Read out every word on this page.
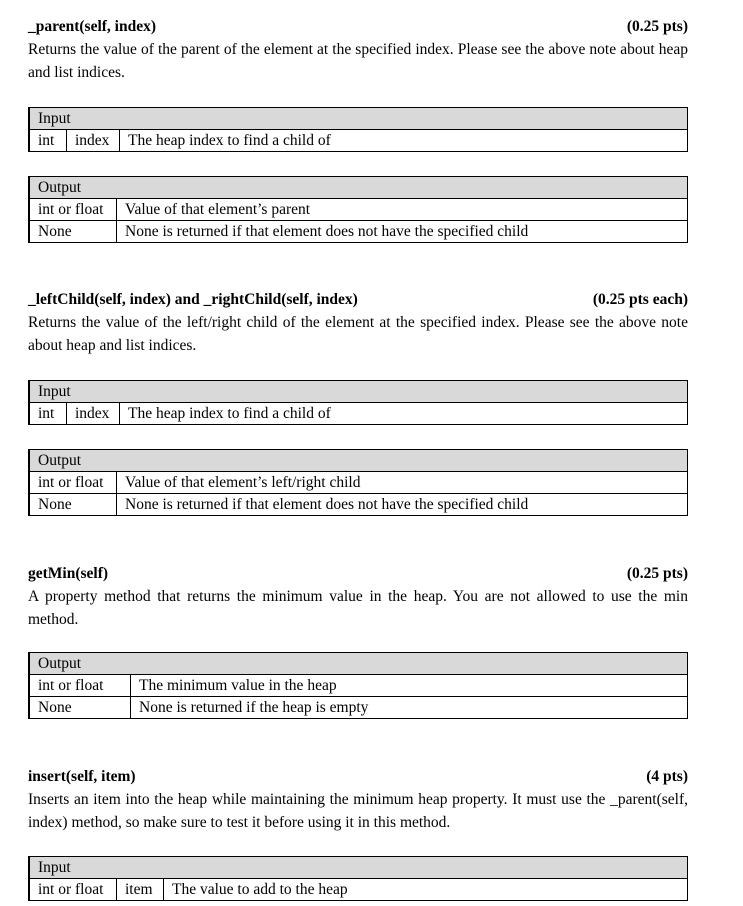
_parent(self, index)	(0.25 pts)

Returns the value of the parent of the element at the specified index. Please see the above note about heap and list indices.

Input
int	index	The heap index to find a child of
Output	
int or float	Value of that element’s parent
None	None is returned if that element does not have the specified child
_leftChild(self, index) and _rightChild(self, index)	(0.25 pts each)

Returns the value of the left/right child of the element at the specified index. Please see the above note about heap and list indices.

Input
int	index	The heap index to find a child of
Output	
int or float	Value of that element’s left/right child
None	None is returned if that element does not have the specified child
getMin(self)	(0.25 pts)

A property method that returns the minimum value in the heap. You are not allowed to use the min method.

Output	
int or float	The minimum value in the heap
None	None is returned if the heap is empty
insert(self, item)	(4 pts)

Inserts an item into the heap while maintaining the minimum heap property. It must use the _parent(self, index) method, so make sure to test it before using it in this method.

Input
int or float	item	The value to add to the heap
